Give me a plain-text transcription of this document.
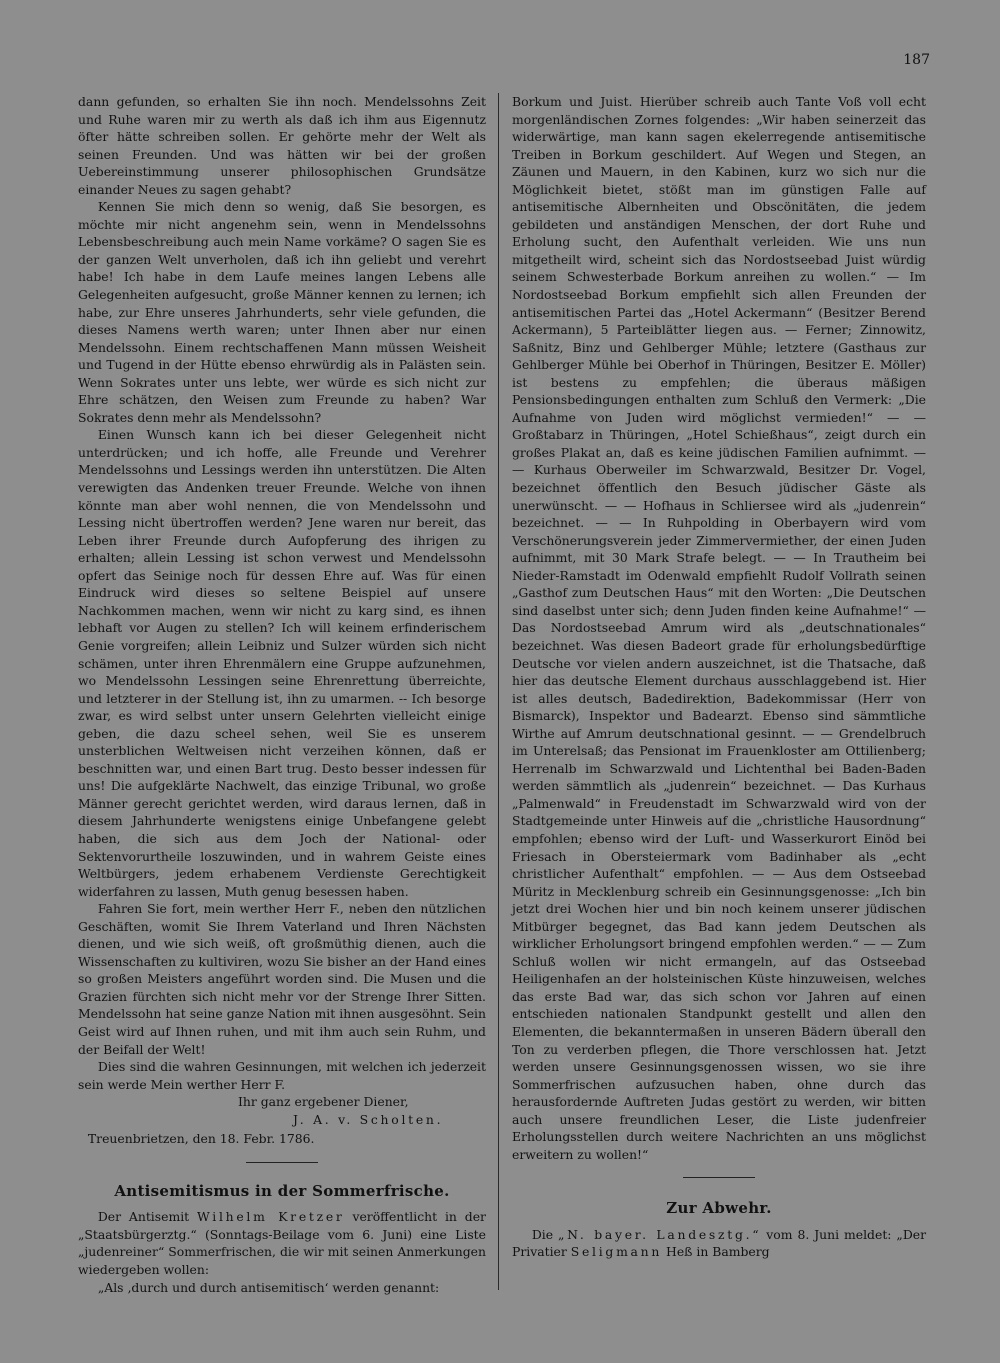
187

dann gefunden, so erhalten Sie ihn noch. Mendelssohns Zeit und Ruhe waren mir zu werth als daß ich ihm aus Eigennutz öfter hätte schreiben sollen. Er gehörte mehr der Welt als seinen Freunden. Und was hätten wir bei der großen Uebereinstimmung unserer philosophischen Grundsätze einander Neues zu sagen gehabt?

Kennen Sie mich denn so wenig, daß Sie besorgen, es möchte mir nicht angenehm sein, wenn in Mendelssohns Lebensbeschreibung auch mein Name vorkäme? O sagen Sie es der ganzen Welt unverholen, daß ich ihn geliebt und verehrt habe! Ich habe in dem Laufe meines langen Lebens alle Gelegenheiten aufgesucht, große Männer kennen zu lernen; ich habe, zur Ehre unseres Jahrhunderts, sehr viele gefunden, die dieses Namens werth waren; unter Ihnen aber nur einen Mendelssohn. Einem rechtschaffenen Mann müssen Weisheit und Tugend in der Hütte ebenso ehrwürdig als in Palästen sein. Wenn Sokrates unter uns lebte, wer würde es sich nicht zur Ehre schätzen, den Weisen zum Freunde zu haben? War Sokrates denn mehr als Mendelssohn?

Einen Wunsch kann ich bei dieser Gelegenheit nicht unterdrücken; und ich hoffe, alle Freunde und Verehrer Mendelssohns und Lessings werden ihn unterstützen. Die Alten verewigten das Andenken treuer Freunde. Welche von ihnen könnte man aber wohl nennen, die von Mendelssohn und Lessing nicht übertroffen werden? Jene waren nur bereit, das Leben ihrer Freunde durch Aufopferung des ihrigen zu erhalten; allein Lessing ist schon verwest und Mendelssohn opfert das Seinige noch für dessen Ehre auf. Was für einen Eindruck wird dieses so seltene Beispiel auf unsere Nachkommen machen, wenn wir nicht zu karg sind, es ihnen lebhaft vor Augen zu stellen? Ich will keinem erfinderischem Genie vorgreifen; allein Leibniz und Sulzer würden sich nicht schämen, unter ihren Ehrenmälern eine Gruppe aufzunehmen, wo Mendelssohn Lessingen seine Ehrenrettung überreichte, und letzterer in der Stellung ist, ihn zu umarmen. -- Ich besorge zwar, es wird selbst unter unsern Gelehrten vielleicht einige geben, die dazu scheel sehen, weil Sie es unserem unsterblichen Weltweisen nicht verzeihen können, daß er beschnitten war, und einen Bart trug. Desto besser indessen für uns! Die aufgeklärte Nachwelt, das einzige Tribunal, wo große Männer gerecht gerichtet werden, wird daraus lernen, daß in diesem Jahrhunderte wenigstens einige Unbefangene gelebt haben, die sich aus dem Joch der National- oder Sektenvorurtheile loszuwinden, und in wahrem Geiste eines Weltbürgers, jedem erhabenem Verdienste Gerechtigkeit widerfahren zu lassen, Muth genug besessen haben.

Fahren Sie fort, mein werther Herr F., neben den nützlichen Geschäften, womit Sie Ihrem Vaterland und Ihren Nächsten dienen, und wie sich weiß, oft großmüthig dienen, auch die Wissenschaften zu kultiviren, wozu Sie bisher an der Hand eines so großen Meisters angeführt worden sind. Die Musen und die Grazien fürchten sich nicht mehr vor der Strenge Ihrer Sitten. Mendelssohn hat seine ganze Nation mit ihnen ausgesöhnt. Sein Geist wird auf Ihnen ruhen, und mit ihm auch sein Ruhm, und der Beifall der Welt!

Dies sind die wahren Gesinnungen, mit welchen ich jederzeit sein werde Mein werther Herr F.

Ihr ganz ergebener Diener,
J. A. v. Scholten.
Treuenbrietzen, den 18. Febr. 1786.
Antisemitismus in der Sommerfrische.

Der Antisemit Wilhelm Kretzer veröffentlicht in der „Staatsbürgerztg.“ (Sonntags-Beilage vom 6. Juni) eine Liste „judenreiner“ Sommerfrischen, die wir mit seinen Anmerkungen wiedergeben wollen:

„Als ‚durch und durch antisemitisch‘ werden genannt:

Borkum und Juist. Hierüber schreib auch Tante Voß voll echt morgenländischen Zornes folgendes: „Wir haben seinerzeit das widerwärtige, man kann sagen ekelerregende antisemitische Treiben in Borkum geschildert. Auf Wegen und Stegen, an Zäunen und Mauern, in den Kabinen, kurz wo sich nur die Möglichkeit bietet, stößt man im günstigen Falle auf antisemitische Albernheiten und Obscönitäten, die jedem gebildeten und anständigen Menschen, der dort Ruhe und Erholung sucht, den Aufenthalt verleiden. Wie uns nun mitgetheilt wird, scheint sich das Nordostseebad Juist würdig seinem Schwesterbade Borkum anreihen zu wollen.“ — Im Nordostseebad Borkum empfiehlt sich allen Freunden der antisemitischen Partei das „Hotel Ackermann“ (Besitzer Berend Ackermann), 5 Parteiblätter liegen aus. — Ferner; Zinnowitz, Saßnitz, Binz und Gehlberger Mühle; letztere (Gasthaus zur Gehlberger Mühle bei Oberhof in Thüringen, Besitzer E. Möller) ist bestens zu empfehlen; die überaus mäßigen Pensionsbedingungen enthalten zum Schluß den Vermerk: „Die Aufnahme von Juden wird möglichst vermieden!“ — — Großtabarz in Thüringen, „Hotel Schießhaus“, zeigt durch ein großes Plakat an, daß es keine jüdischen Familien aufnimmt. — — Kurhaus Oberweiler im Schwarzwald, Besitzer Dr. Vogel, bezeichnet öffentlich den Besuch jüdischer Gäste als unerwünscht. — — Hofhaus in Schliersee wird als „judenrein“ bezeichnet. — — In Ruhpolding in Oberbayern wird vom Verschönerungsverein jeder Zimmervermiether, der einen Juden aufnimmt, mit 30 Mark Strafe belegt. — — In Trautheim bei Nieder-Ramstadt im Odenwald empfiehlt Rudolf Vollrath seinen „Gasthof zum Deutschen Haus“ mit den Worten: „Die Deutschen sind daselbst unter sich; denn Juden finden keine Aufnahme!“ — Das Nordostseebad Amrum wird als „deutschnationales“ bezeichnet. Was diesen Badeort grade für erholungsbedürftige Deutsche vor vielen andern auszeichnet, ist die Thatsache, daß hier das deutsche Element durchaus ausschlaggebend ist. Hier ist alles deutsch, Badedirektion, Badekommissar (Herr von Bismarck), Inspektor und Badearzt. Ebenso sind sämmtliche Wirthe auf Amrum deutschnational gesinnt. — — Grendelbruch im Unterelsaß; das Pensionat im Frauenkloster am Ottilienberg; Herrenalb im Schwarzwald und Lichtenthal bei Baden-Baden werden sämmtlich als „judenrein“ bezeichnet. — Das Kurhaus „Palmenwald“ in Freudenstadt im Schwarzwald wird von der Stadtgemeinde unter Hinweis auf die „christliche Hausordnung“ empfohlen; ebenso wird der Luft- und Wasserkurort Einöd bei Friesach in Obersteiermark vom Badinhaber als „echt christlicher Aufenthalt“ empfohlen. — — Aus dem Ostseebad Müritz in Mecklenburg schreib ein Gesinnungsgenosse: „Ich bin jetzt drei Wochen hier und bin noch keinem unserer jüdischen Mitbürger begegnet, das Bad kann jedem Deutschen als wirklicher Erholungsort bringend empfohlen werden.“ — — Zum Schluß wollen wir nicht ermangeln, auf das Ostseebad Heiligenhafen an der holsteinischen Küste hinzuweisen, welches das erste Bad war, das sich schon vor Jahren auf einen entschieden nationalen Standpunkt gestellt und allen den Elementen, die bekanntermaßen in unseren Bädern überall den Ton zu verderben pflegen, die Thore verschlossen hat. Jetzt werden unsere Gesinnungsgenossen wissen, wo sie ihre Sommerfrischen aufzusuchen haben, ohne durch das herausfordernde Auftreten Judas gestört zu werden, wir bitten auch unsere freundlichen Leser, die Liste judenfreier Erholungsstellen durch weitere Nachrichten an uns möglichst erweitern zu wollen!“

Zur Abwehr.

Die „N. bayer. Landesztg.“ vom 8. Juni meldet: „Der Privatier Seligmann Heß in Bamberg
